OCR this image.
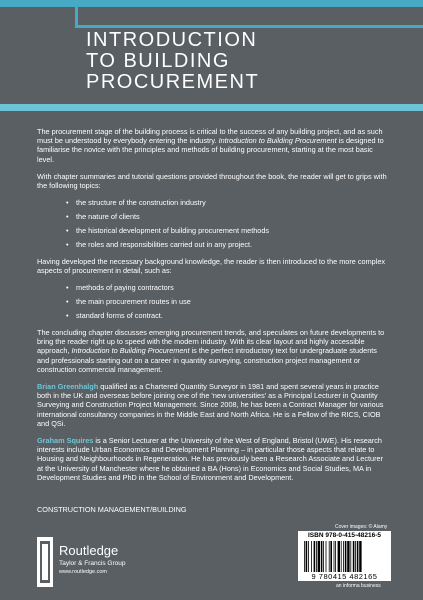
INTRODUCTION
TO BUILDING
PROCUREMENT

The procurement stage of the building process is critical to the success of any building project, and as such must be understood by everybody entering the industry. Introduction to Building Procurement is designed to familiarise the novice with the principles and methods of building procurement, starting at the most basic level.

With chapter summaries and tutorial questions provided throughout the book, the reader will get to grips with the following topics:

• the structure of the construction industry
• the nature of clients
• the historical development of building procurement methods
• the roles and responsibilities carried out in any project.

Having developed the necessary background knowledge, the reader is then introduced to the more complex aspects of procurement in detail, such as:

• methods of paying contractors
• the main procurement routes in use
• standard forms of contract.

The concluding chapter discusses emerging procurement trends, and speculates on future developments to bring the reader right up to speed with the modern industry. With its clear layout and highly accessible approach, Introduction to Building Procurement is the perfect introductory text for undergraduate students and professionals starting out on a career in quantity surveying, construction project management or construction commercial management.

Brian Greenhalgh qualified as a Chartered Quantity Surveyor in 1981 and spent several years in practice both in the UK and overseas before joining one of the 'new universities' as a Principal Lecturer in Quantity Surveying and Construction Project Management. Since 2008, he has been a Contract Manager for various international consultancy companies in the Middle East and North Africa. He is a Fellow of the RICS, CIOB and QSi.

Graham Squires is a Senior Lecturer at the University of the West of England, Bristol (UWE). His research interests include Urban Economics and Development Planning – in particular those aspects that relate to Housing and Neighbourhoods in Regeneration. He has previously been a Research Associate and Lecturer at the University of Manchester where he obtained a BA (Hons) in Economics and Social Studies, MA in Development Studies and PhD in the School of Environment and Development.

CONSTRUCTION MANAGEMENT/BUILDING
Cover images: © Alamy
Routledge
Taylor & Francis Group
www.routledge.com
ISBN 978-0-415-48216-5
9 780415 482165
an informa business
